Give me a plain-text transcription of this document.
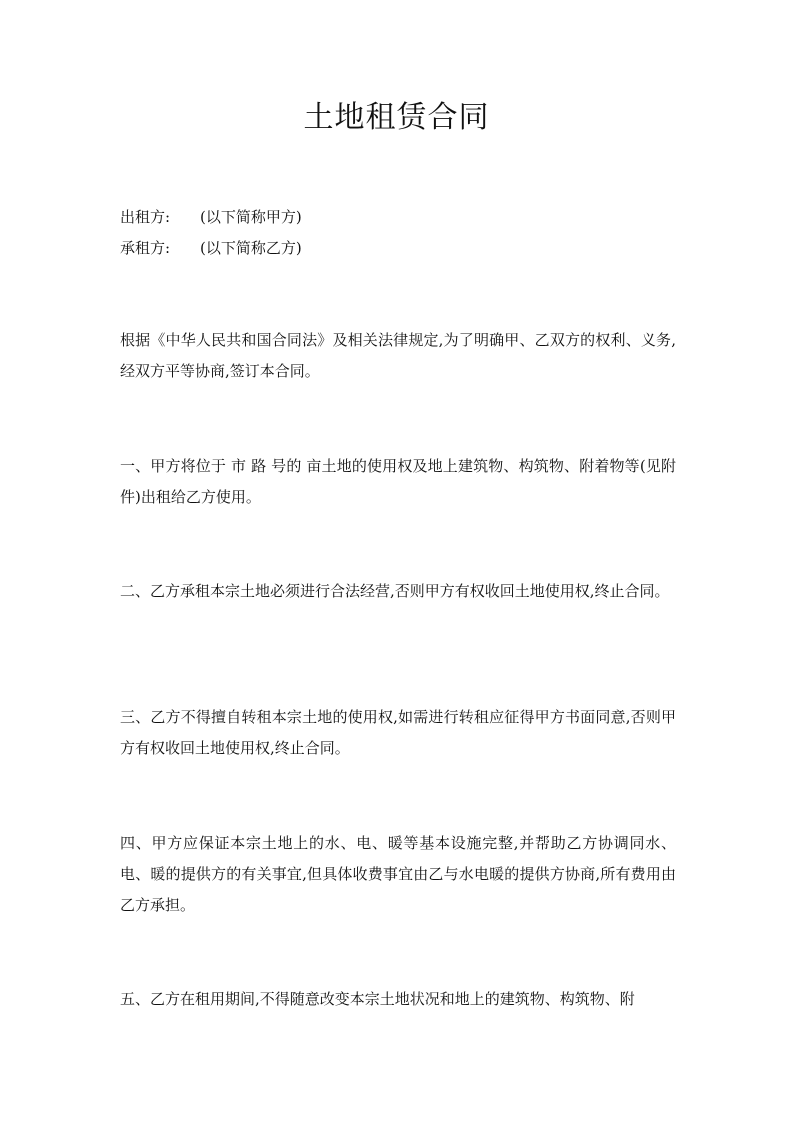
土地租赁合同
出租方: (以下简称甲方)
承租方: (以下简称乙方)
根据《中华人民共和国合同法》及相关法律规定,为了明确甲、乙双方的权利、义务,经双方平等协商,签订本合同。
一、甲方将位于 市 路 号的 亩土地的使用权及地上建筑物、构筑物、附着物等(见附件)出租给乙方使用。
二、乙方承租本宗土地必须进行合法经营,否则甲方有权收回土地使用权,终止合同。
三、乙方不得擅自转租本宗土地的使用权,如需进行转租应征得甲方书面同意,否则甲方有权收回土地使用权,终止合同。
四、甲方应保证本宗土地上的水、电、暖等基本设施完整,并帮助乙方协调同水、电、暖的提供方的有关事宜,但具体收费事宜由乙与水电暖的提供方协商,所有费用由乙方承担。
五、乙方在租用期间,不得随意改变本宗土地状况和地上的建筑物、构筑物、附
